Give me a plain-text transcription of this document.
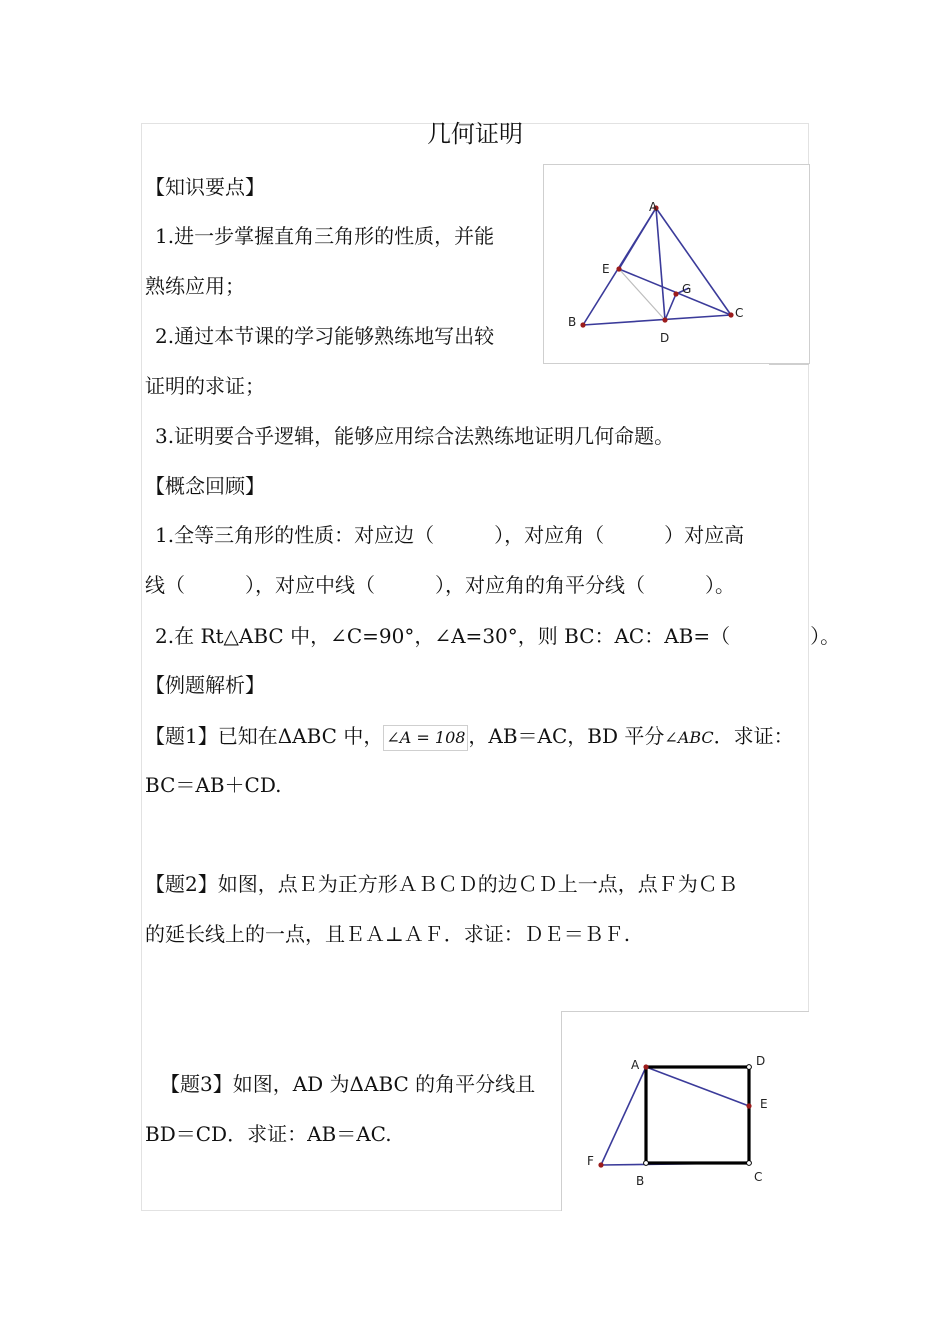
几何证明
【知识要点】
1.进一步掌握直角三角形的性质，并能
熟练应用；
2.通过本节课的学习能够熟练地写出较
证明的求证；
3.证明要合乎逻辑，能够应用综合法熟练地证明几何命题。
A
B
C
D
E
G
【概念回顾】
1.全等三角形的性质：对应边（　　　），对应角（　　　）对应高
线（　　　），对应中线（　　　），对应角的角平分线（　　　）。
2.在 Rt△ABC 中，∠C=90°，∠A=30°，则 BC：AC：AB=（　　　　）。
【例题解析】
【题1】已知在ΔABC 中， ∠A = 108 ，AB＝AC，BD 平分∠ABC．求证：
BC＝AB＋CD.
【题2】如图，点Ｅ为正方形ＡＢＣＤ的边ＣＤ上一点，点Ｆ为ＣＢ
的延长线上的一点，且ＥＡ⊥ＡＦ．求证：ＤＥ＝ＢＦ.
【题3】如图，AD 为ΔABC 的角平分线且
BD＝CD．求证：AB＝AC.
A	D
E
F
B	C
